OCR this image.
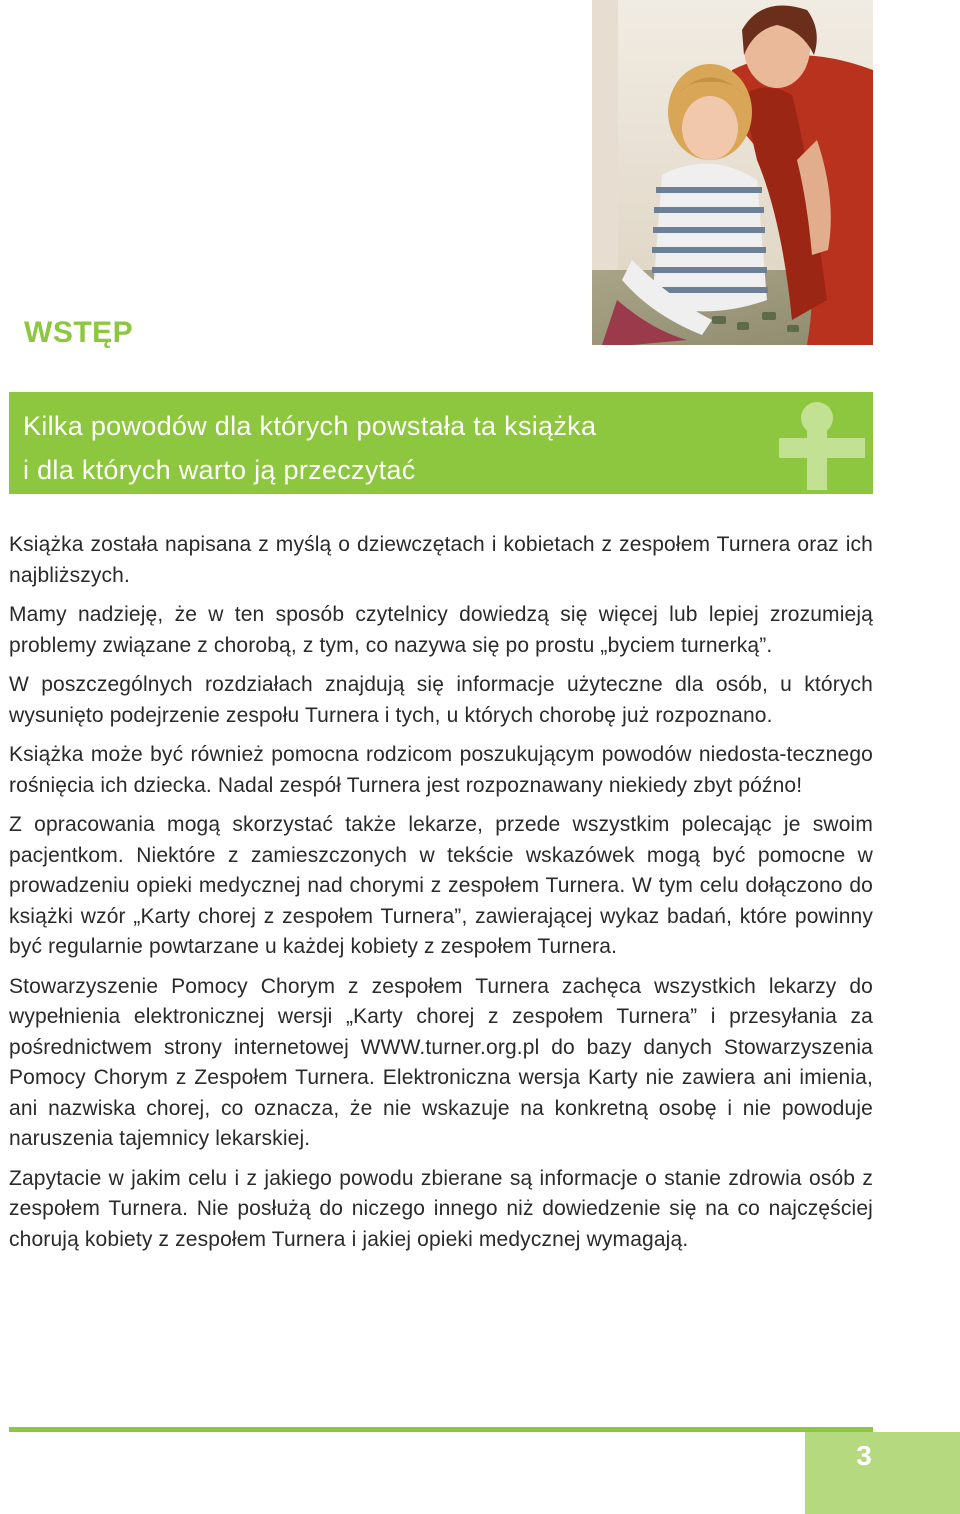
WSTĘP
Kilka powodów dla których powstała ta książka
i dla których warto ją przeczytać

Książka została napisana z myślą o dziewczętach i kobietach z zespołem Turnera oraz ich najbliższych.

Mamy nadzieję, że w ten sposób czytelnicy dowiedzą się więcej lub lepiej zrozumieją problemy związane z chorobą, z tym, co nazywa się po prostu „byciem turnerką”.

W poszczególnych rozdziałach znajdują się informacje użyteczne dla osób, u których wysunięto podejrzenie zespołu Turnera i tych, u których chorobę już rozpoznano.

Książka może być również pomocna rodzicom poszukującym powodów niedosta-tecznego rośnięcia ich dziecka. Nadal zespół Turnera jest rozpoznawany niekiedy zbyt późno!

Z opracowania mogą skorzystać także lekarze, przede wszystkim polecając je swoim pacjentkom. Niektóre z zamieszczonych w tekście wskazówek mogą być pomocne w prowadzeniu opieki medycznej nad chorymi z zespołem Turnera. W tym celu dołączono do książki wzór „Karty chorej z zespołem Turnera”, zawierającej wykaz badań, które powinny być regularnie powtarzane u każdej kobiety z zespołem Turnera.

Stowarzyszenie Pomocy Chorym z zespołem Turnera zachęca wszystkich lekarzy do wypełnienia elektronicznej wersji „Karty chorej z zespołem Turnera” i przesyłania za pośrednictwem strony internetowej WWW.turner.org.pl do bazy danych Stowarzyszenia Pomocy Chorym z Zespołem Turnera. Elektroniczna wersja Karty nie zawiera ani imienia, ani nazwiska chorej, co oznacza, że nie wskazuje na konkretną osobę i nie powoduje naruszenia tajemnicy lekarskiej.

Zapytacie w jakim celu i z jakiego powodu zbierane są informacje o stanie zdrowia osób z zespołem Turnera. Nie posłużą do niczego innego niż dowiedzenie się na co najczęściej chorują kobiety z zespołem Turnera i jakiej opieki medycznej wymagają.

3
